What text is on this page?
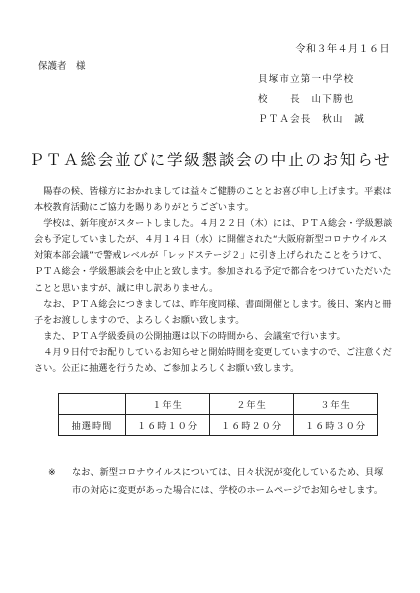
令和３年４月１６日
保護者　様
貝塚市立第一中学校
校　　長　山下勝也
ＰＴＡ会長　秋山　誠
ＰＴＡ総会並びに学級懇談会の中止のお知らせ

陽春の候、皆様方におかれましては益々ご健勝のこととお喜び申し上げます。平素は本校教育活動にご協力を賜りありがとうございます。

学校は、新年度がスタートしました。４月２２日（木）には、ＰＴＡ総会・学級懇談会も予定していましたが、４月１４日（水）に開催された“大阪府新型コロナウイルス対策本部会議”で警戒レベルが「レッドステージ２」に引き上げられたことをうけて、ＰＴＡ総会・学級懇談会を中止と致します。参加される予定で都合をつけていただいたことと思いますが、誠に申し訳ありません。

なお、ＰＴＡ総会につきましては、昨年度同様、書面開催とします。後日、案内と冊子をお渡ししますので、よろしくお願い致します。

また、ＰＴＡ学級委員の公開抽選は以下の時間から、会議室で行います。

４月９日付でお配りしているお知らせと開始時間を変更していますので、ご注意ください。公正に抽選を行うため、ご参加よろしくお願い致します。

	１年生	２年生	３年生
抽選時間	１６時１０分	１６時２０分	１６時３０分
※ なお、新型コロナウイルスについては、日々状況が変化しているため、貝塚市の対応に変更があった場合には、学校のホームページでお知らせします。
